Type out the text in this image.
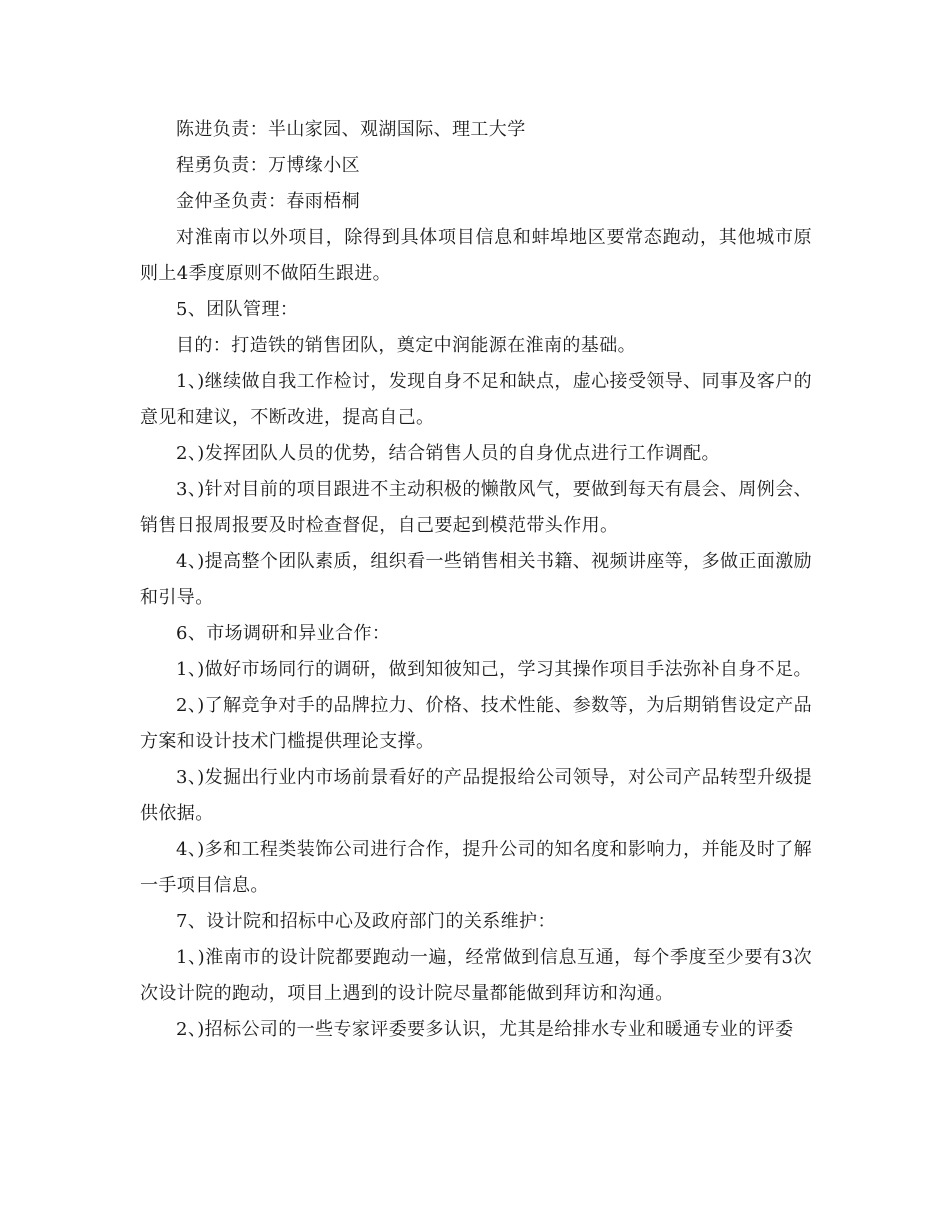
陈进负责：半山家园、观湖国际、理工大学

程勇负责：万博缘小区

金仲圣负责：春雨梧桐

对淮南市以外项目，除得到具体项目信息和蚌埠地区要常态跑动，其他城市原则上4季度原则不做陌生跟进。

5、团队管理：

目的：打造铁的销售团队，奠定中润能源在淮南的基础。

1、)继续做自我工作检讨，发现自身不足和缺点，虚心接受领导、同事及客户的意见和建议，不断改进，提高自己。

2、)发挥团队人员的优势，结合销售人员的自身优点进行工作调配。

3、)针对目前的项目跟进不主动积极的懒散风气，要做到每天有晨会、周例会、销售日报周报要及时检查督促，自己要起到模范带头作用。

4、)提高整个团队素质，组织看一些销售相关书籍、视频讲座等，多做正面激励和引导。

6、市场调研和异业合作：

1、)做好市场同行的调研，做到知彼知己，学习其操作项目手法弥补自身不足。

2、)了解竞争对手的品牌拉力、价格、技术性能、参数等，为后期销售设定产品方案和设计技术门槛提供理论支撑。

3、)发掘出行业内市场前景看好的产品提报给公司领导，对公司产品转型升级提供依据。

4、)多和工程类装饰公司进行合作，提升公司的知名度和影响力，并能及时了解一手项目信息。

7、设计院和招标中心及政府部门的关系维护：

1、)淮南市的设计院都要跑动一遍，经常做到信息互通，每个季度至少要有3次次设计院的跑动，项目上遇到的设计院尽量都能做到拜访和沟通。

2、)招标公司的一些专家评委要多认识，尤其是给排水专业和暖通专业的评委
